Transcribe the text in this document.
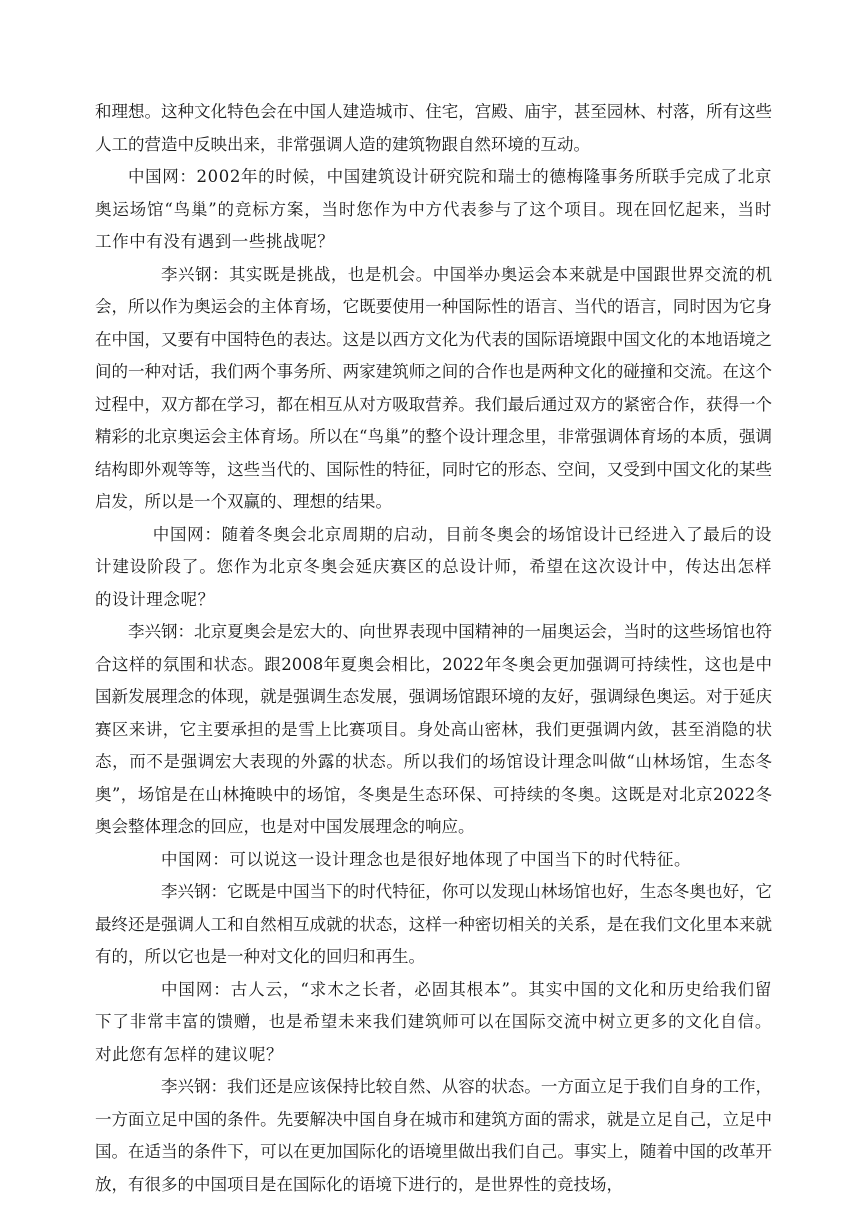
和理想。这种文化特色会在中国人建造城市、住宅，宫殿、庙宇，甚至园林、村落，所有这些人工的营造中反映出来，非常强调人造的建筑物跟自然环境的互动。

中国网：2002年的时候，中国建筑设计研究院和瑞士的德梅隆事务所联手完成了北京奥运场馆“鸟巢”的竞标方案，当时您作为中方代表参与了这个项目。现在回忆起来，当时工作中有没有遇到一些挑战呢？

李兴钢：其实既是挑战，也是机会。中国举办奥运会本来就是中国跟世界交流的机会，所以作为奥运会的主体育场，它既要使用一种国际性的语言、当代的语言，同时因为它身在中国，又要有中国特色的表达。这是以西方文化为代表的国际语境跟中国文化的本地语境之间的一种对话，我们两个事务所、两家建筑师之间的合作也是两种文化的碰撞和交流。在这个过程中，双方都在学习，都在相互从对方吸取营养。我们最后通过双方的紧密合作，获得一个精彩的北京奥运会主体育场。所以在“鸟巢”的整个设计理念里，非常强调体育场的本质，强调结构即外观等等，这些当代的、国际性的特征，同时它的形态、空间，又受到中国文化的某些启发，所以是一个双赢的、理想的结果。

中国网：随着冬奥会北京周期的启动，目前冬奥会的场馆设计已经进入了最后的设计建设阶段了。您作为北京冬奥会延庆赛区的总设计师，希望在这次设计中，传达出怎样的设计理念呢？

李兴钢：北京夏奥会是宏大的、向世界表现中国精神的一届奥运会，当时的这些场馆也符合这样的氛围和状态。跟2008年夏奥会相比，2022年冬奥会更加强调可持续性，这也是中国新发展理念的体现，就是强调生态发展，强调场馆跟环境的友好，强调绿色奥运。对于延庆赛区来讲，它主要承担的是雪上比赛项目。身处高山密林，我们更强调内敛，甚至消隐的状态，而不是强调宏大表现的外露的状态。所以我们的场馆设计理念叫做“山林场馆，生态冬奥”，场馆是在山林掩映中的场馆，冬奥是生态环保、可持续的冬奥。这既是对北京2022冬奥会整体理念的回应，也是对中国发展理念的响应。

中国网：可以说这一设计理念也是很好地体现了中国当下的时代特征。

李兴钢：它既是中国当下的时代特征，你可以发现山林场馆也好，生态冬奥也好，它最终还是强调人工和自然相互成就的状态，这样一种密切相关的关系，是在我们文化里本来就有的，所以它也是一种对文化的回归和再生。

中国网：古人云，“求木之长者，必固其根本”。其实中国的文化和历史给我们留下了非常丰富的馈赠，也是希望未来我们建筑师可以在国际交流中树立更多的文化自信。对此您有怎样的建议呢？

李兴钢：我们还是应该保持比较自然、从容的状态。一方面立足于我们自身的工作，一方面立足中国的条件。先要解决中国自身在城市和建筑方面的需求，就是立足自己，立足中国。在适当的条件下，可以在更加国际化的语境里做出我们自己。事实上，随着中国的改革开放，有很多的中国项目是在国际化的语境下进行的，是世界性的竞技场，
